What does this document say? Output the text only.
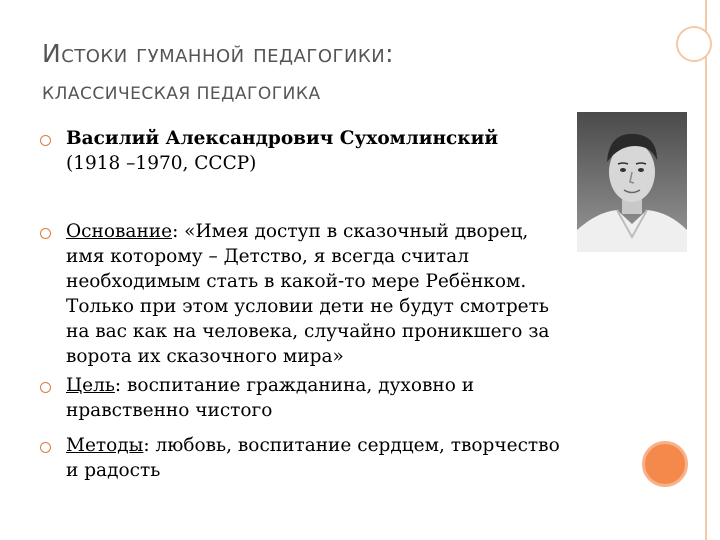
Истоки гуманной педагогики:
КЛАССИЧЕСКАЯ ПЕДАГОГИКА
Василий Александрович Сухомлинский
(1918 –1970, СССР)
Основание: «Имея доступ в сказочный дворец, имя которому – Детство, я всегда считал необходимым стать в какой-то мере Ребёнком. Только при этом условии дети не будут смотреть на вас как на человека, случайно проникшего за ворота их сказочного мира»
Цель: воспитание гражданина, духовно и нравственно чистого
Методы: любовь, воспитание сердцем, творчество и радость
